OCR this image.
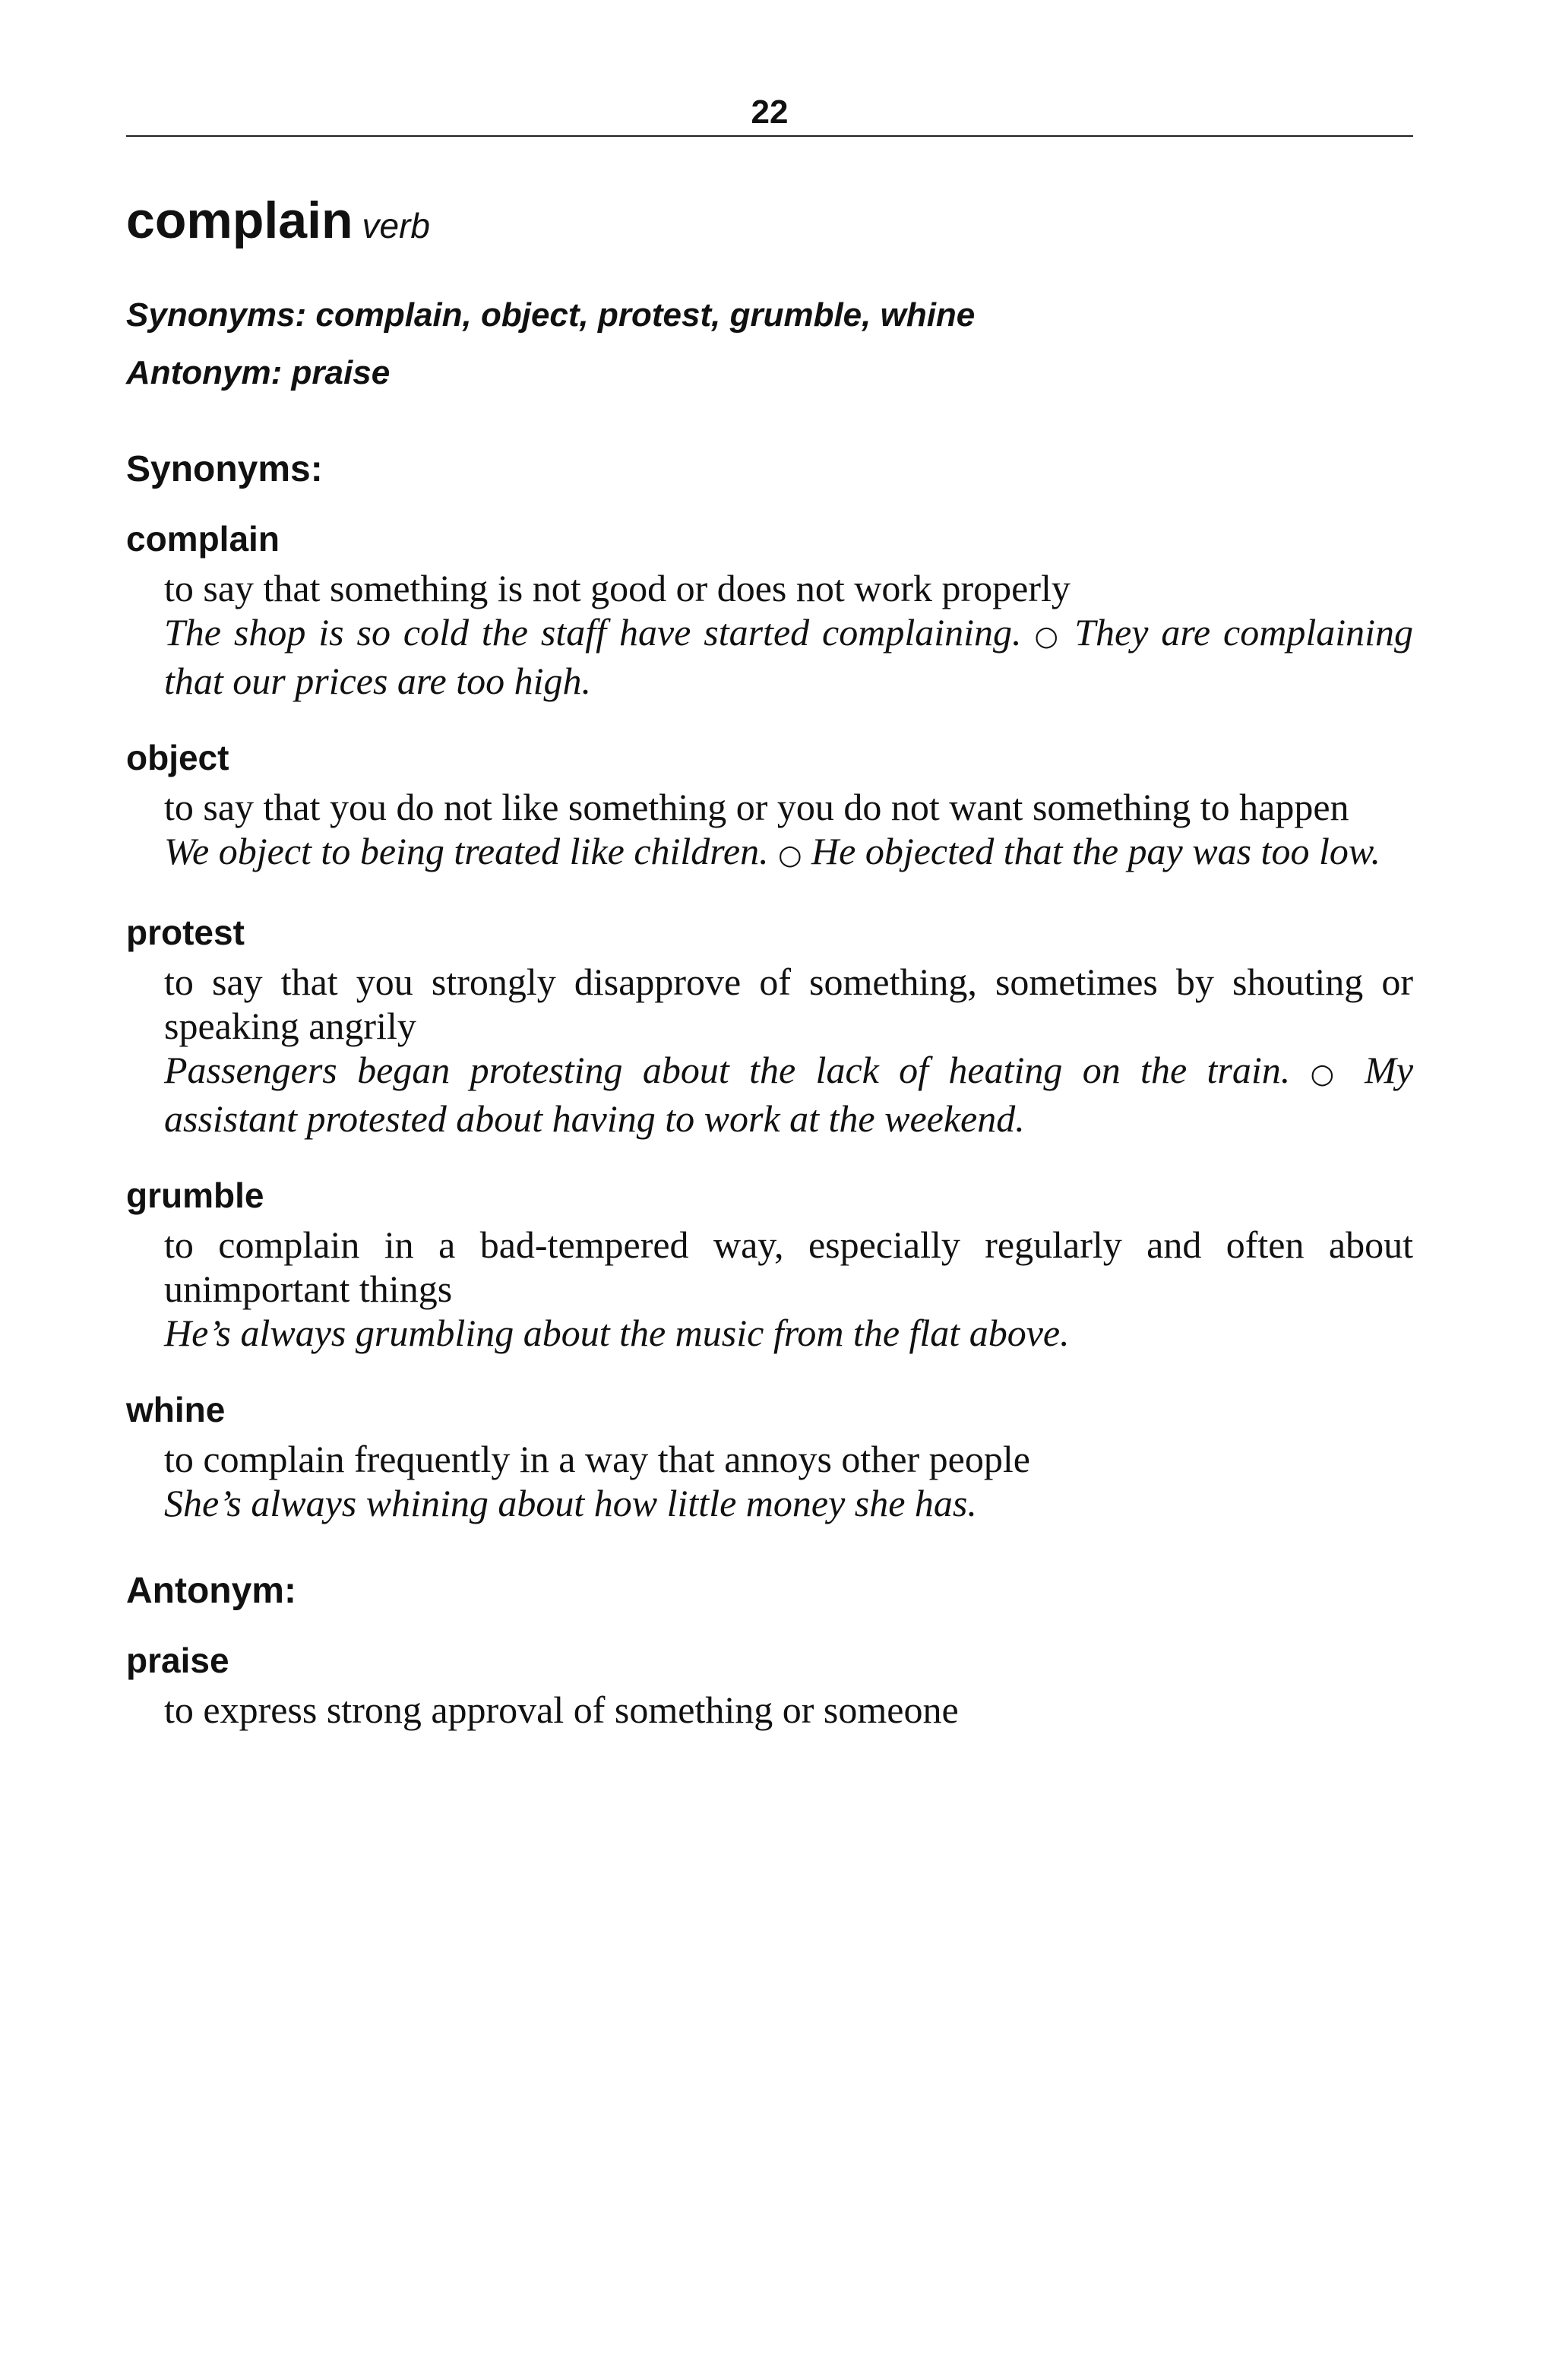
22
complain verb
Synonyms: complain, object, protest, grumble, whine
Antonym: praise
Synonyms:
complain
to say that something is not good or does not work properly
The shop is so cold the staff have started complaining. ○ They are complaining that our prices are too high.
object
to say that you do not like something or you do not want something to happen
We object to being treated like children. ○ He objected that the pay was too low.
protest
to say that you strongly disapprove of something, sometimes by shouting or speaking angrily
Passengers began protesting about the lack of heating on the train. ○ My assistant protested about having to work at the weekend.
grumble
to complain in a bad-tempered way, especially regularly and often about unimportant things
He’s always grumbling about the music from the flat above.
whine
to complain frequently in a way that annoys other people
She’s always whining about how little money she has.
Antonym:
praise
to express strong approval of something or someone
